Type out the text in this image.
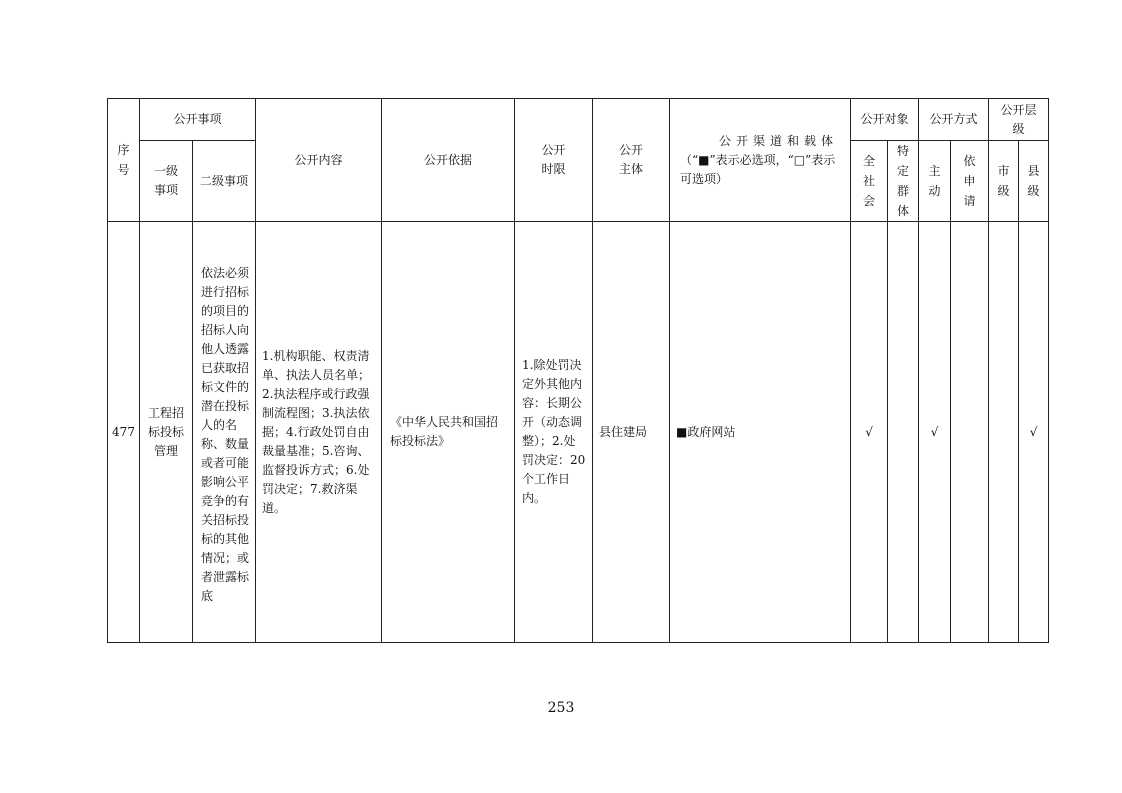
序号	公开事项		公开内容	公开依据	公开时限	公开主体	公开渠道和载体
（“■”表示必选项，“□”表示可选项）	公开对象		公开方式		公开层级	
	一级事项	二级事项						全社会	特定群体	主动	依申请	市级	县级
477	工程招标投标管理	依法必须进行招标的项目的招标人向他人透露已获取招标文件的潜在投标人的名称、数量或者可能影响公平竞争的有关招标投标的其他情况；或者泄露标底	1.机构职能、权责清单、执法人员名单；2.执法程序或行政强制流程图；3.执法依据；4.行政处罚自由裁量基准；5.咨询、监督投诉方式；6.处罚决定；7.救济渠道。	《中华人民共和国招标投标法》	1.除处罚决定外其他内容：长期公开（动态调整）；2.处罚决定：20个工作日内。	县住建局	■政府网站	√		√			√
253
